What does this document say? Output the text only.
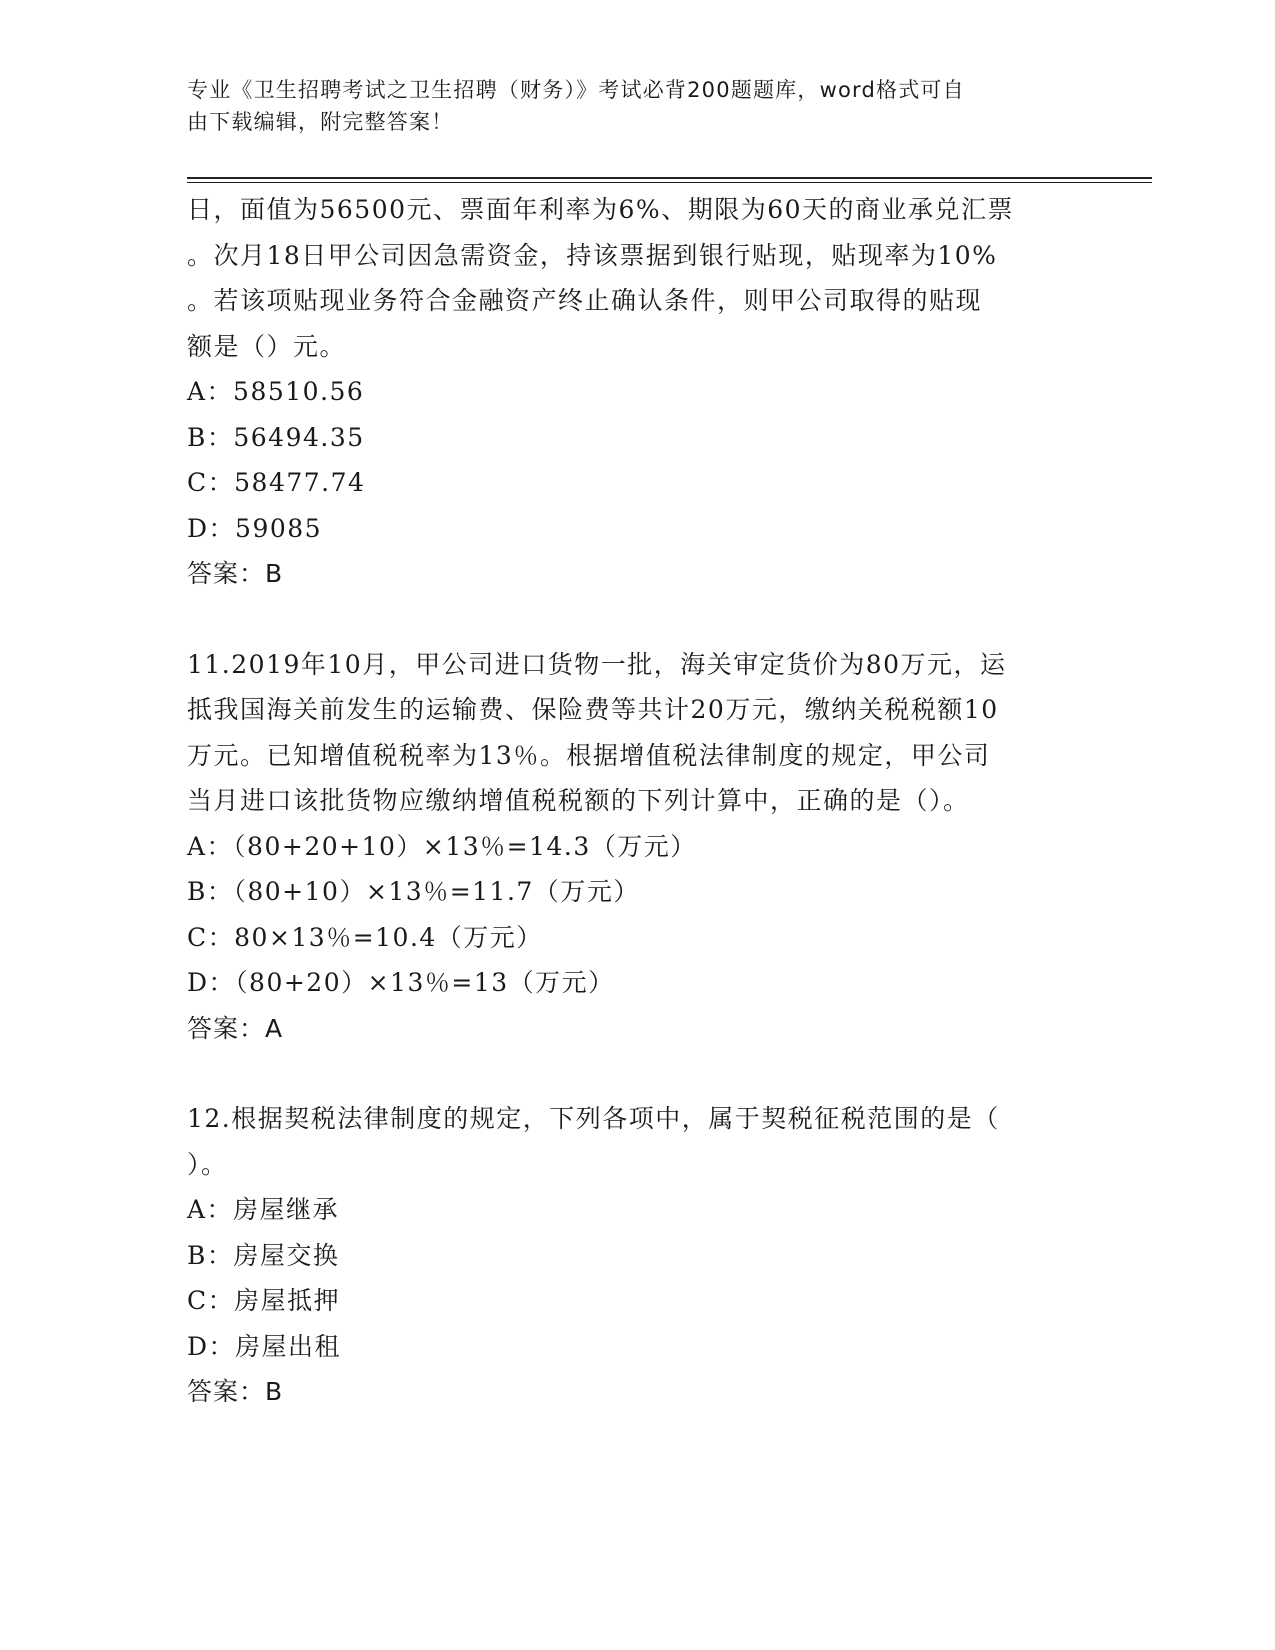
专业《卫生招聘考试之卫生招聘（财务）》考试必背200题题库，word格式可自
由下载编辑，附完整答案！
日，面值为56500元、票面年利率为6%、期限为60天的商业承兑汇票
。次月18日甲公司因急需资金，持该票据到银行贴现，贴现率为10%
。若该项贴现业务符合金融资产终止确认条件，则甲公司取得的贴现
额是（）元。
A：58510.56
B：56494.35
C：58477.74
D：59085
答案：B
11.2019年10月，甲公司进口货物一批，海关审定货价为80万元，运
抵我国海关前发生的运输费、保险费等共计20万元，缴纳关税税额10
万元。已知增值税税率为13％。根据增值税法律制度的规定，甲公司
当月进口该批货物应缴纳增值税税额的下列计算中，正确的是（）。
A：（80+20+10）×13％=14.3（万元）
B：（80+10）×13％=11.7（万元）
C：80×13％=10.4（万元）
D：（80+20）×13％=13（万元）
答案：A
12.根据契税法律制度的规定，下列各项中，属于契税征税范围的是（
）。
A：房屋继承
B：房屋交换
C：房屋抵押
D：房屋出租
答案：B
